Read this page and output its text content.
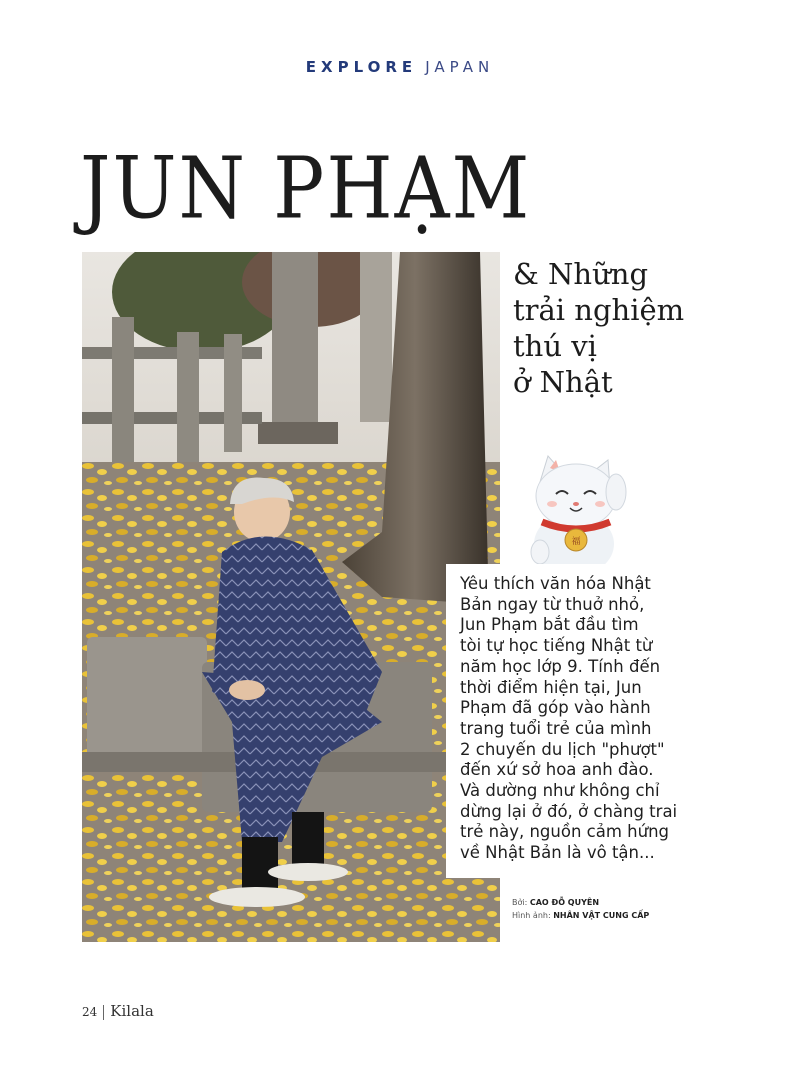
EXPLORE JAPAN
JUN PHẠM
& Những
trải nghiệm
thú vị
ở Nhật
福

Yêu thích văn hóa Nhật
Bản ngay từ thuở nhỏ,
Jun Phạm bắt đầu tìm
tòi tự học tiếng Nhật từ
năm học lớp 9. Tính đến
thời điểm hiện tại, Jun
Phạm đã góp vào hành
trang tuổi trẻ của mình
2 chuyến du lịch "phượt"
đến xứ sở hoa anh đào.
Và dường như không chỉ
dừng lại ở đó, ở chàng trai
trẻ này, nguồn cảm hứng
về Nhật Bản là vô tận...

Bởi: CAO ĐỖ QUYÊN
Hình ảnh: NHÂN VẬT CUNG CẤP
24 Kilala
